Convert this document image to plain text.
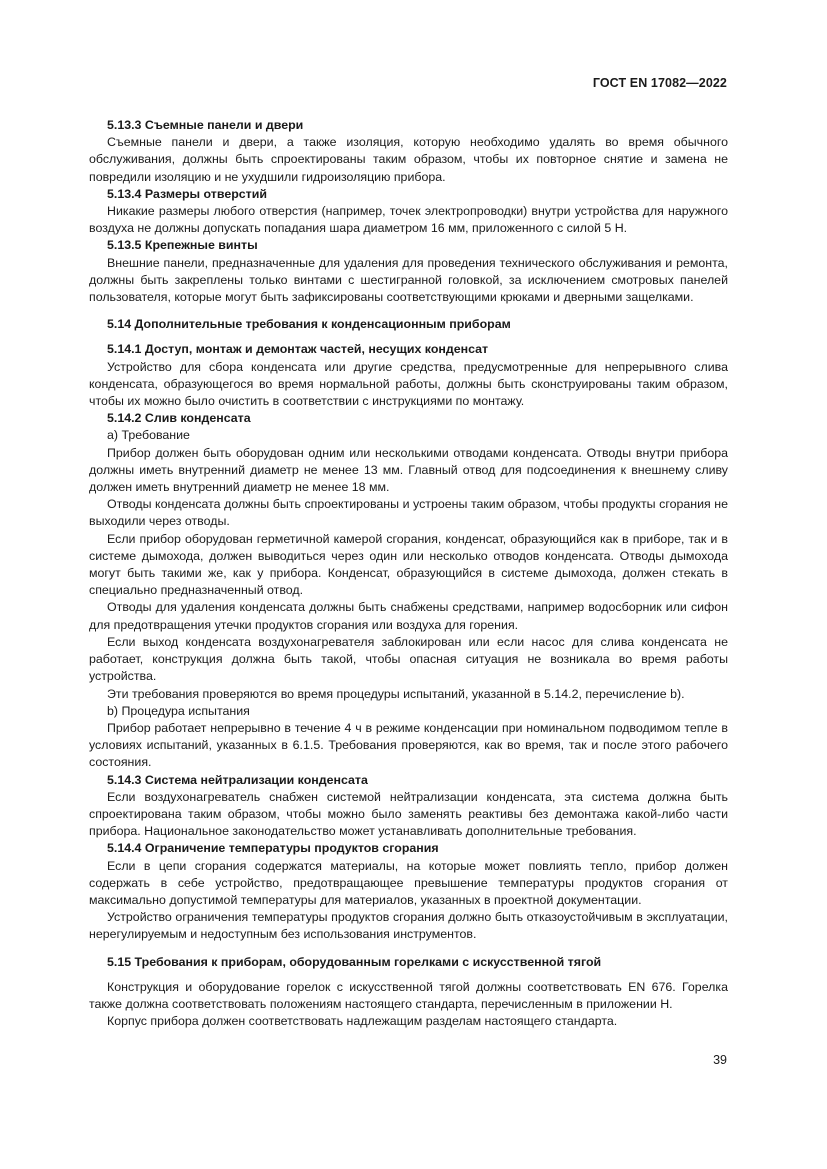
ГОСТ EN 17082—2022

5.13.3 Съемные панели и двери

Съемные панели и двери, а также изоляция, которую необходимо удалять во время обычного обслуживания, должны быть спроектированы таким образом, чтобы их повторное снятие и замена не повредили изоляцию и не ухудшили гидроизоляцию прибора.

5.13.4 Размеры отверстий

Никакие размеры любого отверстия (например, точек электропроводки) внутри устройства для наружного воздуха не должны допускать попадания шара диаметром 16 мм, приложенного с силой 5 Н.

5.13.5 Крепежные винты

Внешние панели, предназначенные для удаления для проведения технического обслуживания и ремонта, должны быть закреплены только винтами с шестигранной головкой, за исключением смотровых панелей пользователя, которые могут быть зафиксированы соответствующими крюками и дверными защелками.

5.14 Дополнительные требования к конденсационным приборам

5.14.1 Доступ, монтаж и демонтаж частей, несущих конденсат

Устройство для сбора конденсата или другие средства, предусмотренные для непрерывного слива конденсата, образующегося во время нормальной работы, должны быть сконструированы таким образом, чтобы их можно было очистить в соответствии с инструкциями по монтажу.

5.14.2 Слив конденсата

а) Требование

Прибор должен быть оборудован одним или несколькими отводами конденсата. Отводы внутри прибора должны иметь внутренний диаметр не менее 13 мм. Главный отвод для подсоединения к внешнему сливу должен иметь внутренний диаметр не менее 18 мм.

Отводы конденсата должны быть спроектированы и устроены таким образом, чтобы продукты сгорания не выходили через отводы.

Если прибор оборудован герметичной камерой сгорания, конденсат, образующийся как в приборе, так и в системе дымохода, должен выводиться через один или несколько отводов конденсата. Отводы дымохода могут быть такими же, как у прибора. Конденсат, образующийся в системе дымохода, должен стекать в специально предназначенный отвод.

Отводы для удаления конденсата должны быть снабжены средствами, например водосборник или сифон для предотвращения утечки продуктов сгорания или воздуха для горения.

Если выход конденсата воздухонагревателя заблокирован или если насос для слива конденсата не работает, конструкция должна быть такой, чтобы опасная ситуация не возникала во время работы устройства.

Эти требования проверяются во время процедуры испытаний, указанной в 5.14.2, перечисление b).

b) Процедура испытания

Прибор работает непрерывно в течение 4 ч в режиме конденсации при номинальном подводимом тепле в условиях испытаний, указанных в 6.1.5. Требования проверяются, как во время, так и после этого рабочего состояния.

5.14.3 Система нейтрализации конденсата

Если воздухонагреватель снабжен системой нейтрализации конденсата, эта система должна быть спроектирована таким образом, чтобы можно было заменять реактивы без демонтажа какой-либо части прибора. Национальное законодательство может устанавливать дополнительные требования.

5.14.4 Ограничение температуры продуктов сгорания

Если в цепи сгорания содержатся материалы, на которые может повлиять тепло, прибор должен содержать в себе устройство, предотвращающее превышение температуры продуктов сгорания от максимально допустимой температуры для материалов, указанных в проектной документации.

Устройство ограничения температуры продуктов сгорания должно быть отказоустойчивым в эксплуатации, нерегулируемым и недоступным без использования инструментов.

5.15 Требования к приборам, оборудованным горелками с искусственной тягой

Конструкция и оборудование горелок с искусственной тягой должны соответствовать EN 676. Горелка также должна соответствовать положениям настоящего стандарта, перечисленным в приложении Н.

Корпус прибора должен соответствовать надлежащим разделам настоящего стандарта.

39
